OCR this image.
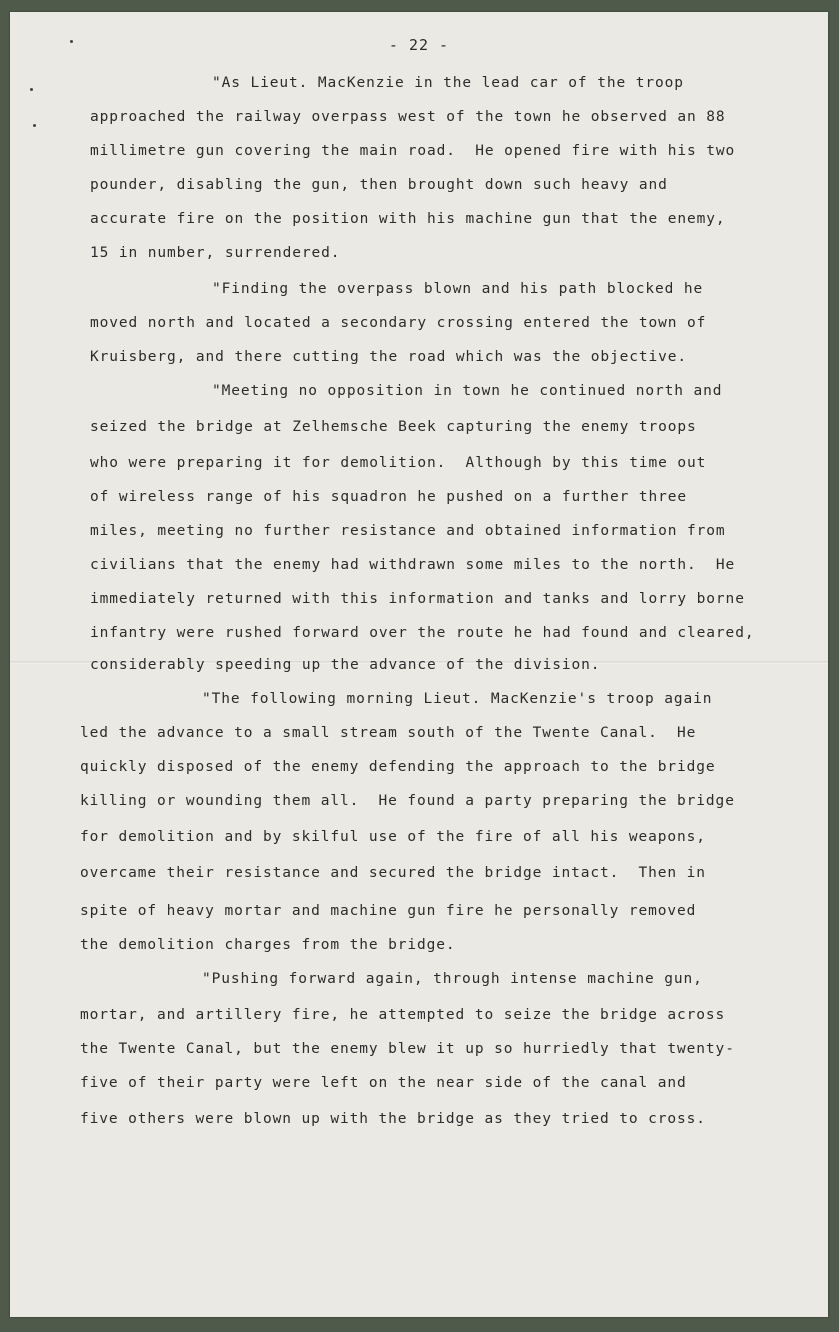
- 22 -
"As Lieut. MacKenzie in the lead car of the troop
approached the railway overpass west of the town he observed an 88
millimetre gun covering the main road.  He opened fire with his two
pounder, disabling the gun, then brought down such heavy and
accurate fire on the position with his machine gun that the enemy,
15 in number, surrendered.
"Finding the overpass blown and his path blocked he
moved north and located a secondary crossing entered the town of
Kruisberg, and there cutting the road which was the objective.
"Meeting no opposition in town he continued north and
seized the bridge at Zelhemsche Beek capturing the enemy troops
who were preparing it for demolition.  Although by this time out
of wireless range of his squadron he pushed on a further three
miles, meeting no further resistance and obtained information from
civilians that the enemy had withdrawn some miles to the north.  He
immediately returned with this information and tanks and lorry borne
infantry were rushed forward over the route he had found and cleared,
considerably speeding up the advance of the division.
"The following morning Lieut. MacKenzie's troop again
led the advance to a small stream south of the Twente Canal.  He
quickly disposed of the enemy defending the approach to the bridge
killing or wounding them all.  He found a party preparing the bridge
for demolition and by skilful use of the fire of all his weapons,
overcame their resistance and secured the bridge intact.  Then in
spite of heavy mortar and machine gun fire he personally removed
the demolition charges from the bridge.
"Pushing forward again, through intense machine gun,
mortar, and artillery fire, he attempted to seize the bridge across
the Twente Canal, but the enemy blew it up so hurriedly that twenty-
five of their party were left on the near side of the canal and
five others were blown up with the bridge as they tried to cross.
